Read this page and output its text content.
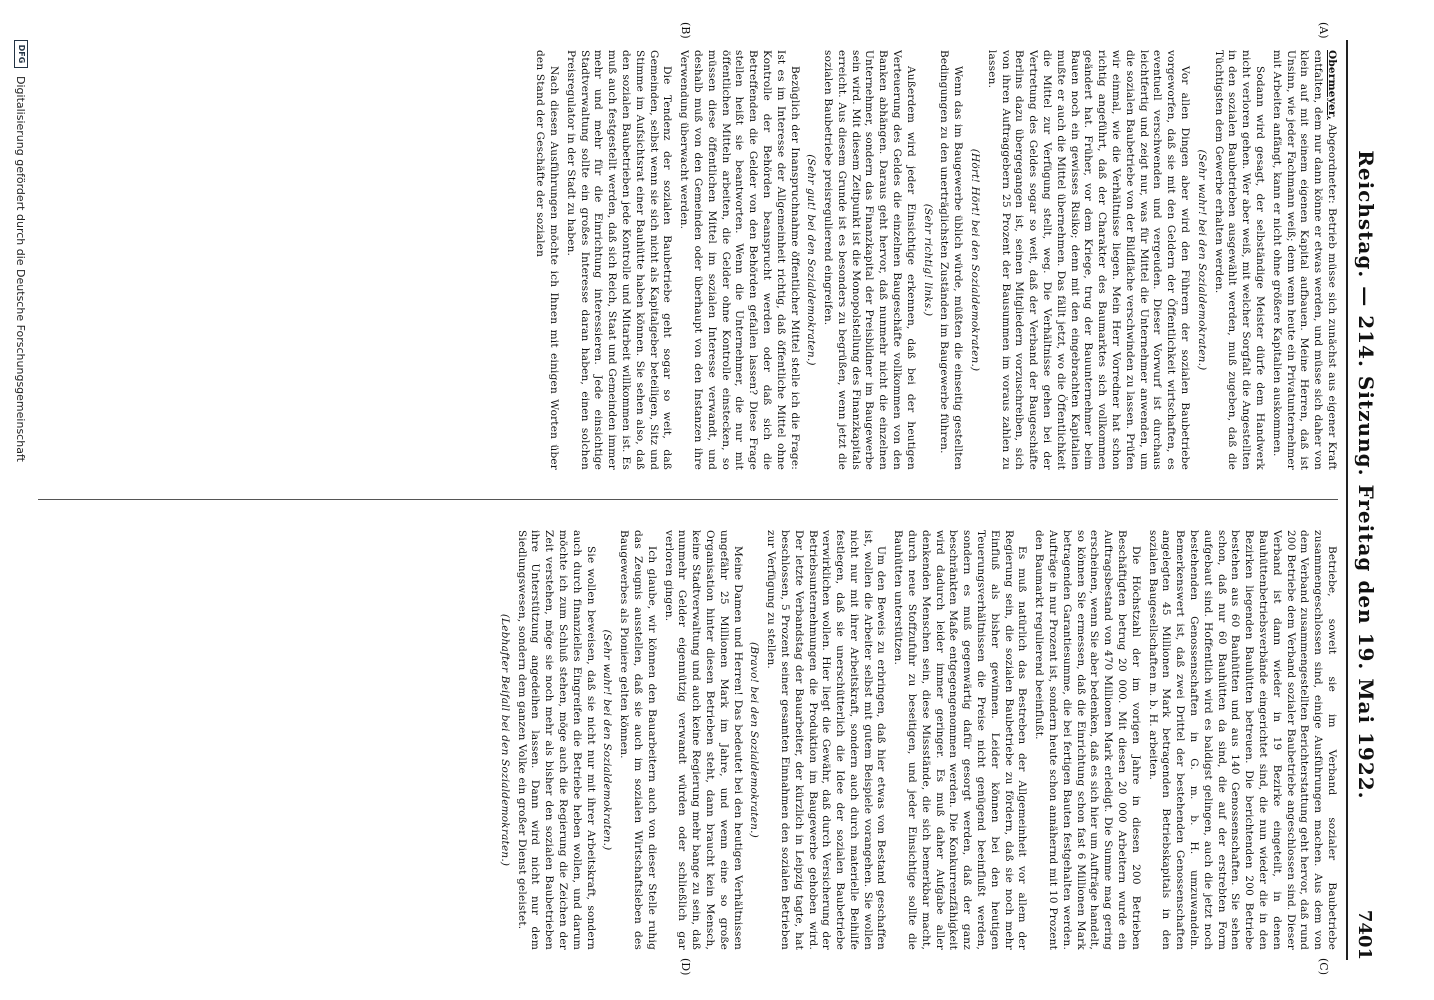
Reichstag. — 214. Sitzung. Freitag den 19. Mai 1922.
7401
(A)
(B)
(C)
(D)

Obermeyer, Abgeordneter: Betrieb müsse sich zunächst aus eigener Kraft entfalten, dem nur dann könne er etwas werden, und müsse sich daher von klein auf mit seinem eigenen Kapital aufbauen. Meine Herren, daß ist Unsinn, wie jeder Fachmann weiß; denn wenn heute ein Privatunternehmer mit Arbeiten anfängt, kann er nicht ohne größere Kapitalien auskommen.

Sodann wird gesagt, der selbständige Meister dürfe dem Handwerk nicht verloren gehen. Wer aber weiß, mit welcher Sorgfalt die Angestellten in den sozialen Baubetrieben ausgewählt werden, muß zugeben, daß die Tüchtigsten dem Gewerbe erhalten werden.

(Sehr wahr! bei den Sozialdemokraten.)

Vor allen Dingen aber wird den Führern der sozialen Baubetriebe vorgeworfen, daß sie mit den Geldern der Öffentlichkeit wirtschaften, es eventuell verschwenden und vergeuden. Dieser Vorwurf ist durchaus leichtfertig und zeigt nur, was für Mittel die Unternehmer anwenden, um die sozialen Baubetriebe von der Bildfläche verschwinden zu lassen. Prüfen wir einmal, wie die Verhältnisse liegen. Mein Herr Vorredner hat schon richtig angeführt, daß der Charakter des Baumarktes sich vollkommen geändert hat. Früher, vor dem Kriege, trug der Bauunternehmer beim Bauen noch ein gewisses Risiko; denn mit den eingebrachten Kapitalien mußte er auch die Mittel übernehmen. Das fällt jetzt, wo die Öffentlichkeit die Mittel zur Verfügung stellt, weg. Die Verhältnisse gehen bei der Vertretung des Geldes sogar so weit, daß der Verband der Baugeschäfte Berlins dazu übergegangen ist, seinen Mitgliedern vorzuschreiben, sich von ihren Auftraggebern 25 Prozent der Bausummen im voraus zahlen zu lassen.

(Hört! Hört! bei den Sozialdemokraten.)

Wenn das im Baugewerbe üblich würde, müßten die einseitig gestellten Bedingungen zu den unerträglichsten Zuständen im Baugewerbe führen.

(Sehr richtig! links.)

Außerdem wird jeder Einsichtige erkennen, daß bei der heutigen Verteuerung des Geldes die einzelnen Baugeschäfte vollkommen von den Banken abhängen. Daraus geht hervor, daß nunmehr nicht die einzelnen Unternehmer, sondern das Finanzkapital der Preisbildner im Baugewerbe sein wird. Mit diesem Zeitpunkt ist die Monopolstellung des Finanzkapitals erreicht. Aus diesem Grunde ist es besonders zu begrüßen, wenn jetzt die sozialen Baubetriebe preisregulierend eingreifen.

(Sehr gut! bei den Sozialdemokraten.)

Bezüglich der Inanspruchnahme öffentlicher Mittel stelle ich die Frage: Ist es im Interesse der Allgemeinheit richtig, daß öffentliche Mittel ohne Kontrolle der Behörden beansprucht werden oder daß sich die Betreffenden die Gelder von den Behörden gefallen lassen? Diese Frage stellen heißt sie beantworten. Wenn die Unternehmer, die nur mit öffentlichen Mitteln arbeiten, die Gelder ohne Kontrolle einstecken, so müssen diese öffentlichen Mittel im sozialen Interesse verwandt, und deshalb muß von den Gemeinden oder überhaupt von den Instanzen ihre Verwendung überwacht werden.

Die Tendenz der sozialen Baubetriebe geht sogar so weit, daß Gemeinden, selbst wenn sie sich nicht als Kapitalgeber beteiligen, Sitz und Stimme im Aufsichtsrat einer Bauhütte haben können. Sie sehen also, daß den sozialen Baubetrieben jede Kontrolle und Mitarbeit willkommen ist. Es muß auch festgestellt werden, daß sich Reich, Staat und Gemeinden immer mehr und mehr für die Einrichtung interessieren. Jede einsichtige Stadtverwaltung sollte ein großes Interesse daran haben, einen solchen Preisregulator in der Stadt zu haben.

Nach diesen Ausführungen möchte ich Ihnen mit einigen Worten über den Stand der Geschäfte der sozialen

Betriebe, soweit sie im Verband sozialer Baubetriebe zusammengeschlossen sind, einige Ausführungen machen. Aus dem von dem Verband zusammengestellten Berichterstattung geht hervor, daß rund 200 Betriebe dem Verband sozialer Baubetriebe angeschlossen sind. Dieser Verband ist dann wieder in 19 Bezirke eingeteilt, in denen Bauhüttenbetriebsverbände eingerichtet sind, die nun wieder die in den Bezirken liegenden Bauhütten betreuen. Die berichtenden 200 Betriebe bestehen aus 60 Bauhütten und aus 140 Genossenschaften. Sie sehen schon, daß nur 60 Bauhütten da sind, die auf der erstrebten Form aufgebaut sind. Hoffentlich wird es baldigst gelingen, auch die jetzt noch bestehenden Genossenschaften in G. m. b. H. umzuwandeln. Bemerkenswert ist, daß zwei Drittel der bestehenden Genossenschaften angelegten 45 Millionen Mark betragenden Betriebskapitals in den sozialen Baugesellschaften m. b. H. arbeiten.

Die Höchstzahl der im vorigen Jahre in diesen 200 Betrieben Beschäftigten betrug 20 000. Mit diesen 20 000 Arbeitern wurde ein Auftragsbestand von 470 Millionen Mark erledigt. Die Summe mag gering erscheinen, wenn Sie aber bedenken, daß es sich hier um Aufträge handelt, so können Sie ermessen, daß die Einrichtung schon fast 6 Millionen Mark betragenden Garantiesumme, die bei fertigen Bauten festgehalten werden. Aufträge in nur Prozent ist, sondern heute schon annähernd mit 10 Prozent den Baumarkt regulierend beeinflußt.

Es muß natürlich das Bestreben der Allgemeinheit vor allem der Regierung sein, die sozialen Baubetriebe zu fördern, daß sie noch mehr Einfluß als bisher gewinnen. Leider können bei den heutigen Teuerungsverhältnissen die Preise nicht genügend beeinflußt werden, sondern es muß gegenwärtig dafür gesorgt werden, daß der ganz beschränkten Maße entgegengenommen werden. Die Konkurrenzfähigkeit wird dadurch leider immer geringer. Es muß daher Aufgabe aller denkenden Menschen sein, diese Missstände, die sich bemerkbar macht, durch neue Stoffzufuhr zu beseitigen, und jeder Einsichtige sollte die Bauhütten unterstützen.

Um den Beweis zu erbringen, daß hier etwas von Bestand geschaffen ist, wollen die Arbeiter selbst mit gutem Beispiele vorangehen. Sie wollen nicht nur mit ihrer Arbeitskraft, sondern auch durch materielle Beihilfe festlegen, daß sie unerschütterlich die Idee der sozialen Baubetriebe verwirklichen wollen. Hier liegt die Gewähr, daß durch Versicherung der Betriebsunternehmungen die Produktion im Baugewerbe gehoben wird. Der letzte Verbandstag der Bauarbeiter, der kürzlich in Leipzig tagte, hat beschlossen, 5 Prozent seiner gesamten Einnahmen den sozialen Betrieben zur Verfügung zu stellen.

(Bravo! bei den Sozialdemokraten.)

Meine Damen und Herren! Das bedeutet bei den heutigen Verhältnissen ungefähr 25 Millionen Mark im Jahre, und wenn eine so große Organisation hinter diesen Betrieben steht, dann braucht kein Mensch, keine Stadtverwaltung und auch keine Regierung mehr bange zu sein, daß nunmehr Gelder eigennützig verwandt würden oder schließlich gar verloren gingen.

Ich glaube, wir können den Bauarbeitern auch von dieser Stelle ruhig das Zeugnis ausstellen, daß sie auch im sozialen Wirtschaftsleben des Baugewerbes als Pioniere gelten können.

(Sehr wahr! bei den Sozialdemokraten.)

Sie wollen beweisen, daß sie nicht nur mit ihrer Arbeitskraft, sondern auch durch finanzielles Eingreifen die Betriebe heben wollen, und darum möchte ich zum Schluß stehen, möge auch die Regierung die Zeichen der Zeit verstehen, möge sie noch mehr als bisher den sozialen Baubetrieben ihre Unterstützung angedeihen lassen. Dann wird nicht nur dem Siedlungswesen, sondern dem ganzen Volke ein großer Dienst geleistet.

(Lebhafter Beifall bei den Sozialdemokraten.)

DFG
Digitalisierung gefördert durch die Deutsche Forschungsgemeinschaft
